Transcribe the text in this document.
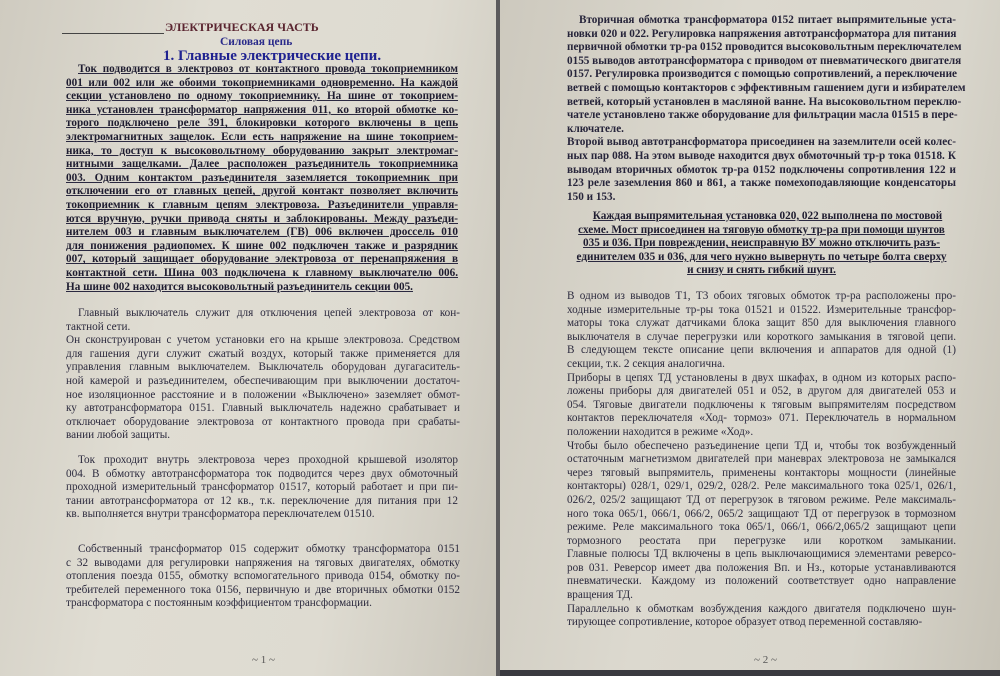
ЭЛЕКТРИЧЕСКАЯ ЧАСТЬ
Силовая цепь
1. Главные электрические цепи.
Ток подводится в электровоз от контактного провода токоприемником
001 или 002 или же обоими токоприемниками одновременно. На каждой
секции установлено по одному токоприемнику. На шине от токоприем-
ника установлен трансформатор напряжения 011, ко второй обмотке ко-
торого подключено реле 391, блокировки которого включены в цепь
электромагнитных защелок. Если есть напряжение на шине токоприем-
ника, то доступ к высоковольтному оборудованию закрыт электромаг-
нитными защелками. Далее расположен разъединитель токоприемника
003. Одним контактом разъединителя заземляется токоприемник при
отключении его от главных цепей, другой контакт позволяет включить
токоприемник к главным цепям электровоза. Разъединители управля-
ются вручную, ручки привода сняты и заблокированы. Между разъеди-
нителем 003 и главным выключателем (ГВ) 006 включен дроссель 010
для понижения радиопомех. К шине 002 подключен также и разрядник
007, который защищает оборудование электровоза от перенапряжения в
контактной сети. Шина 003 подключена к главному выключателю 006.
На шине 002 находится высоковольтный разъединитель секции 005.
Главный выключатель служит для отключения цепей электровоза от кон-
тактной сети.
Он сконструирован с учетом установки его на крыше электровоза. Средством
для гашения дуги служит сжатый воздух, который также применяется для
управления главным выключателем. Выключатель оборудован дугагаситель-
ной камерой и разъединителем, обеспечивающим при выключении достаточ-
ное изоляционное расстояние и в положении «Выключено» заземляет обмот-
ку автотрансформатора 0151. Главный выключатель надежно срабатывает и
отключает оборудование электровоза от контактного провода при срабаты-
вании любой защиты.
Ток проходит внутрь электровоза через проходной крышевой изолятор
004. В обмотку автотрансформатора ток подводится через двух обмоточный
проходной измерительный трансформатор 01517, который работает и при пи-
тании автотрансформатора от 12 кв., т.к. переключение для питания при 12
кв. выполняется внутри трансформатора переключателем 01510.
Собственный трансформатор 015 содержит обмотку трансформатора 0151
с 32 выводами для регулировки напряжения на тяговых двигателях, обмотку
отопления поезда 0155, обмотку вспомогательного привода 0154, обмотку по-
требителей переменного тока 0156, первичную и две вторичных обмотки 0152
трансформатора с постоянным коэффициентом трансформации.
~ 1 ~
Вторичная обмотка трансформатора 0152 питает выпрямительные уста-
новки 020 и 022. Регулировка напряжения автотрансформатора для питания
первичной обмотки тр-ра 0152 проводится высоковольтным переключателем
0155 выводов автотрансформатора с приводом от пневматического двигателя
0157. Регулировка производится с помощью сопротивлений, а переключение
ветвей с помощью контакторов с эффективным гашением дуги и избирателем
ветвей, который установлен в масляной ванне. На высоковольтном переклю-
чателе установлено также оборудование для фильтрации масла 01515 в пере-
ключателе.
Второй вывод автотрансформатора присоединен на заземлители осей колес-
ных пар 088. На этом выводе находится двух обмоточный тр-р тока 01518. К
выводам вторичных обмоток тр-ра 0152 подключены сопротивления 122 и
123 реле заземления 860 и 861, а также помехоподавляющие конденсаторы
150 и 153.
Каждая выпрямительная установка 020, 022 выполнена по мостовой
схеме. Мост присоединен на тяговую обмотку тр-ра при помощи шунтов
035 и 036. При повреждении, неисправную ВУ можно отключить разъ-
единителем 035 и 036, для чего нужно вывернуть по четыре болта сверху
и снизу и снять гибкий шунт.
В одном из выводов Т1, Т3 обоих тяговых обмоток тр-ра расположены про-
ходные измерительные тр-ры тока 01521 и 01522. Измерительные трансфор-
маторы тока служат датчиками блока защит 850 для выключения главного
выключателя в случае перегрузки или короткого замыкания в тяговой цепи.
В следующем тексте описание цепи включения и аппаратов для одной (1)
секции, т.к. 2 секция аналогична.
Приборы в цепях ТД установлены в двух шкафах, в одном из которых распо-
ложены приборы для двигателей 051 и 052, в другом для двигателей 053 и
054. Тяговые двигатели подключены к тяговым выпрямителям посредством
контактов переключателя «Ход- тормоз» 071. Переключатель в нормальном
положении находится в режиме «Ход».
Чтобы было обеспечено разъединение цепи ТД и, чтобы ток возбужденный
остаточным магнетизмом двигателей при маневрах электровоза не замыкался
через тяговый выпрямитель, применены контакторы мощности (линейные
контакторы) 028/1, 029/1, 029/2, 028/2. Реле максимального тока 025/1, 026/1,
026/2, 025/2 защищают ТД от перегрузок в тяговом режиме. Реле максималь-
ного тока 065/1, 066/1, 066/2, 065/2 защищают ТД от перегрузок в тормозном
режиме. Реле максимального тока 065/1, 066/1, 066/2,065/2 защищают цепи
тормозного реостата при перегрузке или коротком замыкании.
Главные полюсы ТД включены в цепь выключающимися элементами реверсо-
ров 031. Реверсор имеет два положения Вп. и Нз., которые устанавливаются
пневматически. Каждому из положений соответствует одно направление
вращения ТД.
Параллельно к обмоткам возбуждения каждого двигателя подключено шун-
тирующее сопротивление, которое образует отвод переменной составляю-
~ 2 ~
